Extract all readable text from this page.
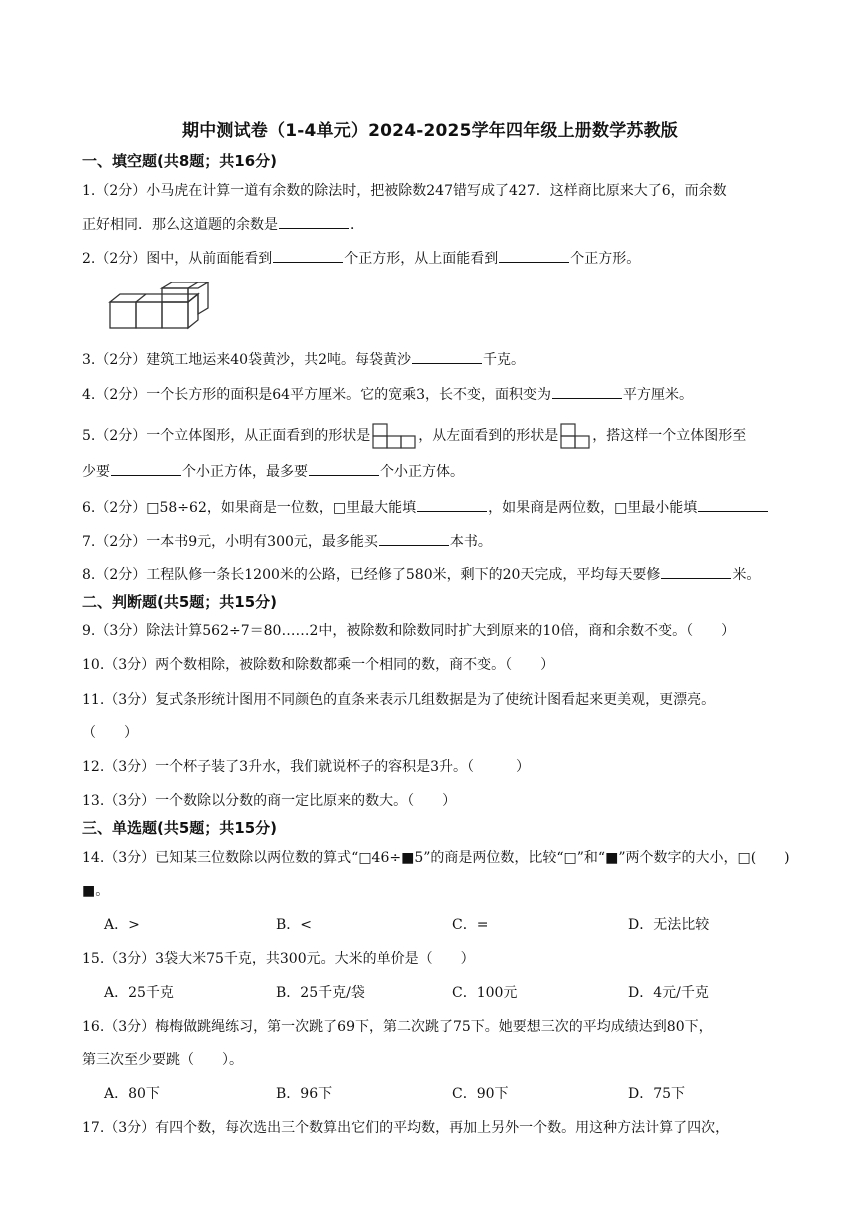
期中测试卷（1-4单元）2024-2025学年四年级上册数学苏教版
一、填空题(共8题；共16分)
1.（2分）小马虎在计算一道有余数的除法时，把被除数247错写成了427．这样商比原来大了6，而余数
正好相同．那么这道题的余数是	．
2.（2分）图中，从前面能看到	个正方形，从上面能看到	个正方形。
3.（2分）建筑工地运来40袋黄沙，共2吨。每袋黄沙	千克。
4.（2分）一个长方形的面积是64平方厘米。它的宽乘3，长不变，面积变为	平方厘米。
5.（2分）一个立体图形，从正面看到的形状是	，从左面看到的形状是 ，搭这样一个立体图形至
少要	个小正方体，最多要	个小正方体。
6.（2分）□58÷62，如果商是一位数，□里最大能填	，如果商是两位数，□里最小能填
7.（2分）一本书9元，小明有300元，最多能买	本书。
8.（2分）工程队修一条长1200米的公路，已经修了580米，剩下的20天完成，平均每天要修	米。
二、判断题(共5题；共15分)
9.（3分）除法计算562÷7＝80……2中，被除数和除数同时扩大到原来的10倍，商和余数不变。（　　）
10.（3分）两个数相除，被除数和除数都乘一个相同的数，商不变。（　　）
11.（3分）复式条形统计图用不同颜色的直条来表示几组数据是为了使统计图看起来更美观，更漂亮。
（　　）
12.（3分）一个杯子装了3升水，我们就说杯子的容积是3升。（　　　）
13.（3分）一个数除以分数的商一定比原来的数大。（　　）
三、单选题(共5题；共15分)
14.（3分）已知某三位数除以两位数的算式“□46÷■5”的商是两位数，比较“□”和“■”两个数字的大小，□(　　)
■。
A．>	B．<	C．=	D．无法比较
15.（3分）3袋大米75千克，共300元。大米的单价是（　　）
A．25千克	B．25千克/袋	C．100元	D．4元/千克
16.（3分）梅梅做跳绳练习，第一次跳了69下，第二次跳了75下。她要想三次的平均成绩达到80下，
第三次至少要跳（　　）。
A．80下	B．96下	C．90下	D．75下
17.（3分）有四个数，每次选出三个数算出它们的平均数，再加上另外一个数。用这种方法计算了四次，
